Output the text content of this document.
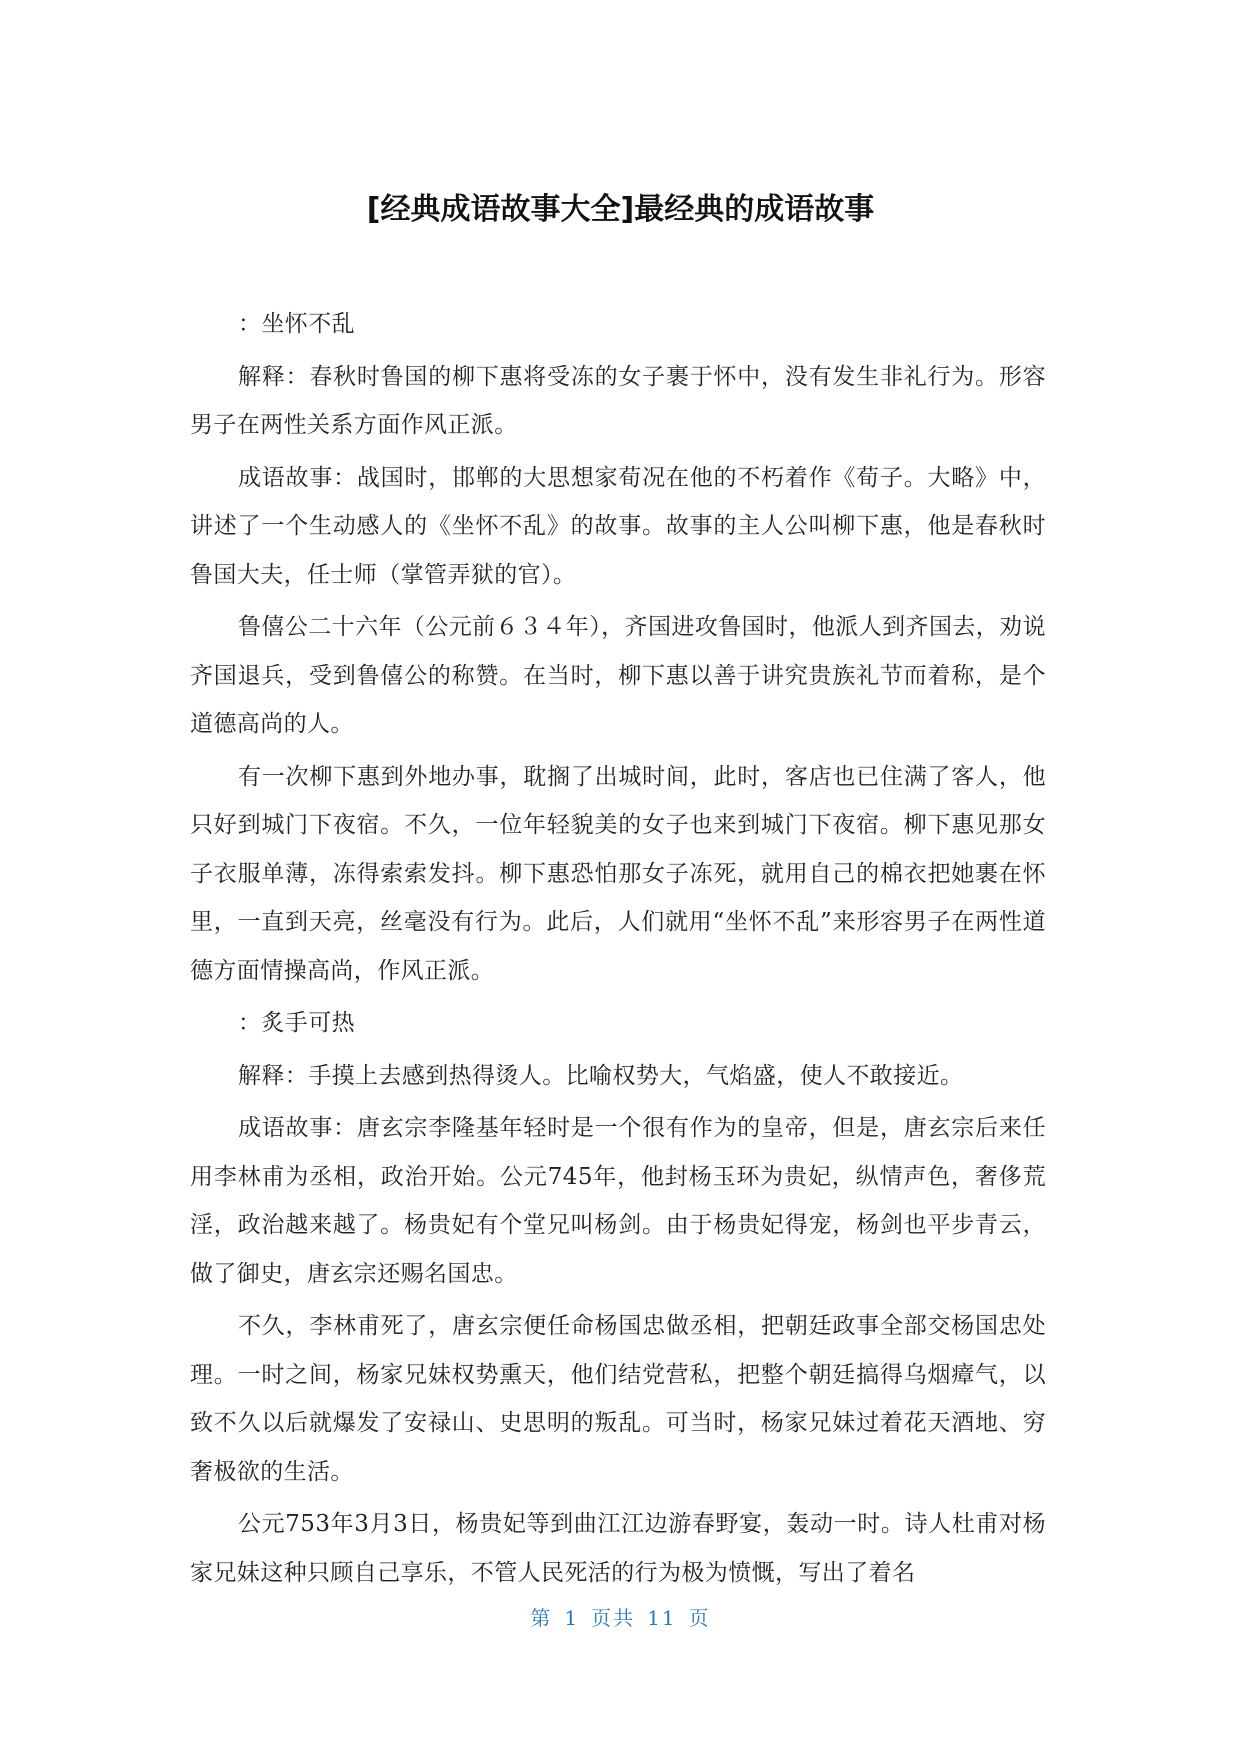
[经典成语故事大全]最经典的成语故事

：坐怀不乱

解释：春秋时鲁国的柳下惠将受冻的女子裹于怀中，没有发生非礼行为。形容男子在两性关系方面作风正派。

成语故事：战国时，邯郸的大思想家荀况在他的不朽着作《荀子。大略》中，讲述了一个生动感人的《坐怀不乱》的故事。故事的主人公叫柳下惠，他是春秋时鲁国大夫，任士师（掌管弄狱的官）。

鲁僖公二十六年（公元前６３４年），齐国进攻鲁国时，他派人到齐国去，劝说齐国退兵，受到鲁僖公的称赞。在当时，柳下惠以善于讲究贵族礼节而着称，是个道德高尚的人。

有一次柳下惠到外地办事，耽搁了出城时间，此时，客店也已住满了客人，他只好到城门下夜宿。不久，一位年轻貌美的女子也来到城门下夜宿。柳下惠见那女子衣服单薄，冻得索索发抖。柳下惠恐怕那女子冻死，就用自己的棉衣把她裹在怀里，一直到天亮，丝毫没有行为。此后，人们就用“坐怀不乱”来形容男子在两性道德方面情操高尚，作风正派。

：炙手可热

解释：手摸上去感到热得烫人。比喻权势大，气焰盛，使人不敢接近。

成语故事：唐玄宗李隆基年轻时是一个很有作为的皇帝，但是，唐玄宗后来任用李林甫为丞相，政治开始。公元745年，他封杨玉环为贵妃，纵情声色，奢侈荒淫，政治越来越了。杨贵妃有个堂兄叫杨剑。由于杨贵妃得宠，杨剑也平步青云，做了御史，唐玄宗还赐名国忠。

不久，李林甫死了，唐玄宗便任命杨国忠做丞相，把朝廷政事全部交杨国忠处理。一时之间，杨家兄妹权势熏天，他们结党营私，把整个朝廷搞得乌烟瘴气，以致不久以后就爆发了安禄山、史思明的叛乱。可当时，杨家兄妹过着花天酒地、穷奢极欲的生活。

公元753年3月3日，杨贵妃等到曲江江边游春野宴，轰动一时。诗人杜甫对杨家兄妹这种只顾自己享乐，不管人民死活的行为极为愤慨，写出了着名

第 1 页共 11 页
